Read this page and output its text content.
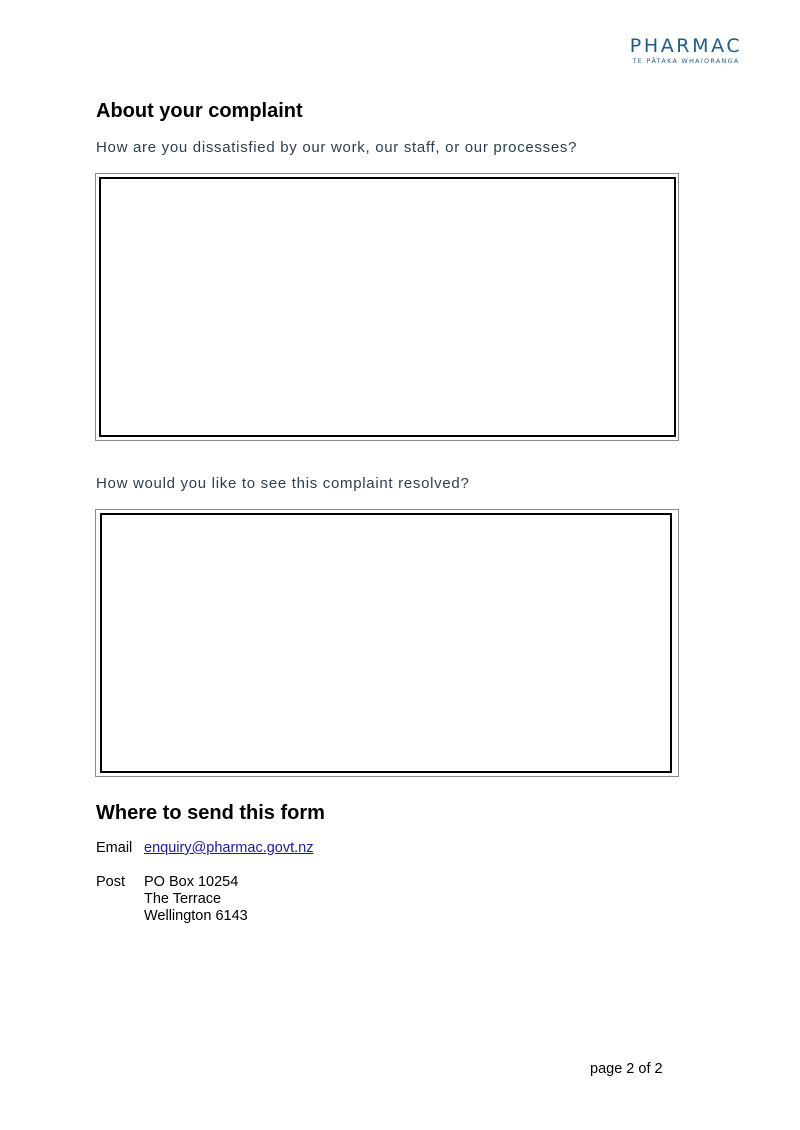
PHARMAC
TE PĀTAKA WHAIORANGA
About your complaint
How are you dissatisfied by our work, our staff, or our processes?
How would you like to see this complaint resolved?
Where to send this form
Email enquiry@pharmac.govt.nz
Post PO Box 10254
The Terrace
Wellington 6143
page 2 of 2
